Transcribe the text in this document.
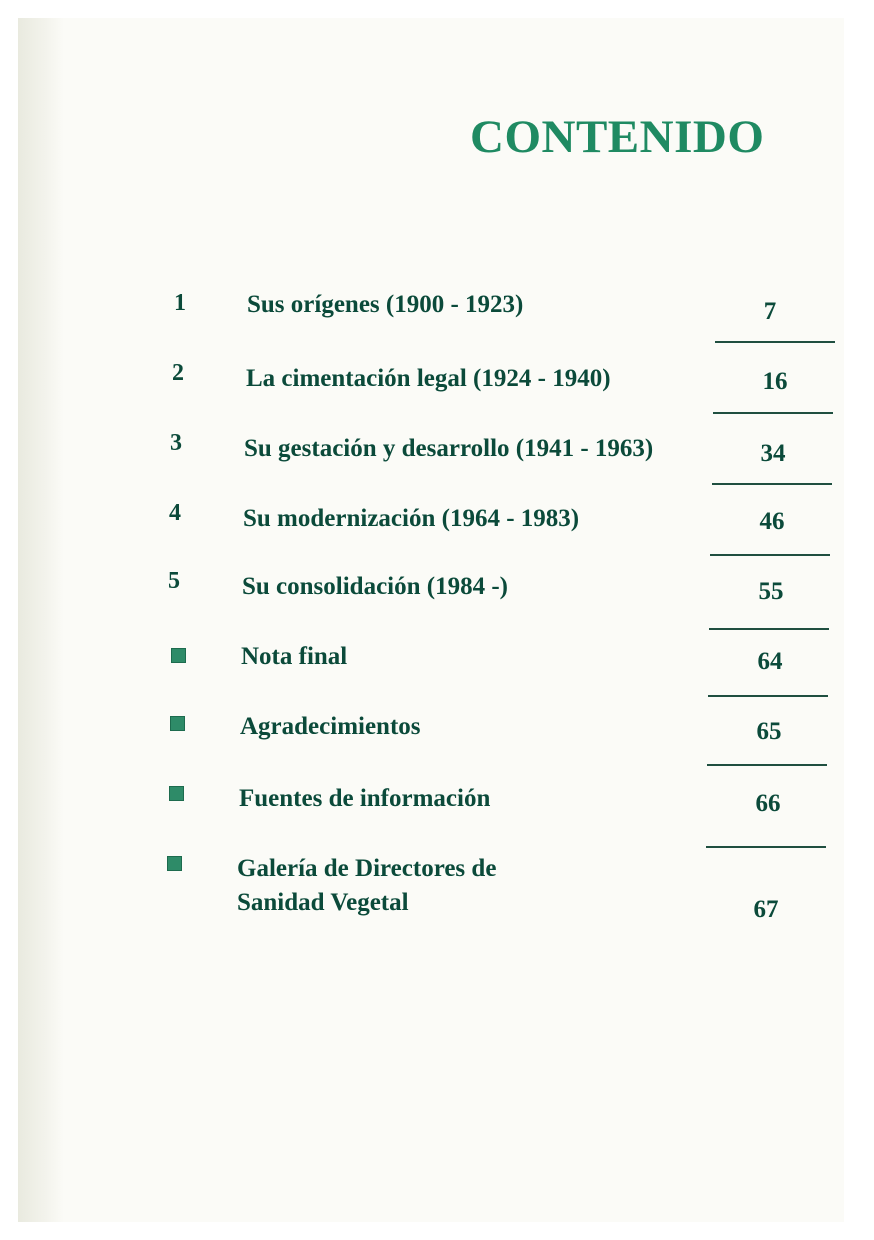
CONTENIDO
1	Sus orígenes (1900 - 1923)	7
2	La cimentación legal (1924 - 1940)	16
3	Su gestación y desarrollo (1941 - 1963)	34
4	Su modernización (1964 - 1983)	46
5	Su consolidación (1984 -)	55
Nota final	64
Agradecimientos	65
Fuentes de información	66
Galería de Directores de
Sanidad Vegetal	67
